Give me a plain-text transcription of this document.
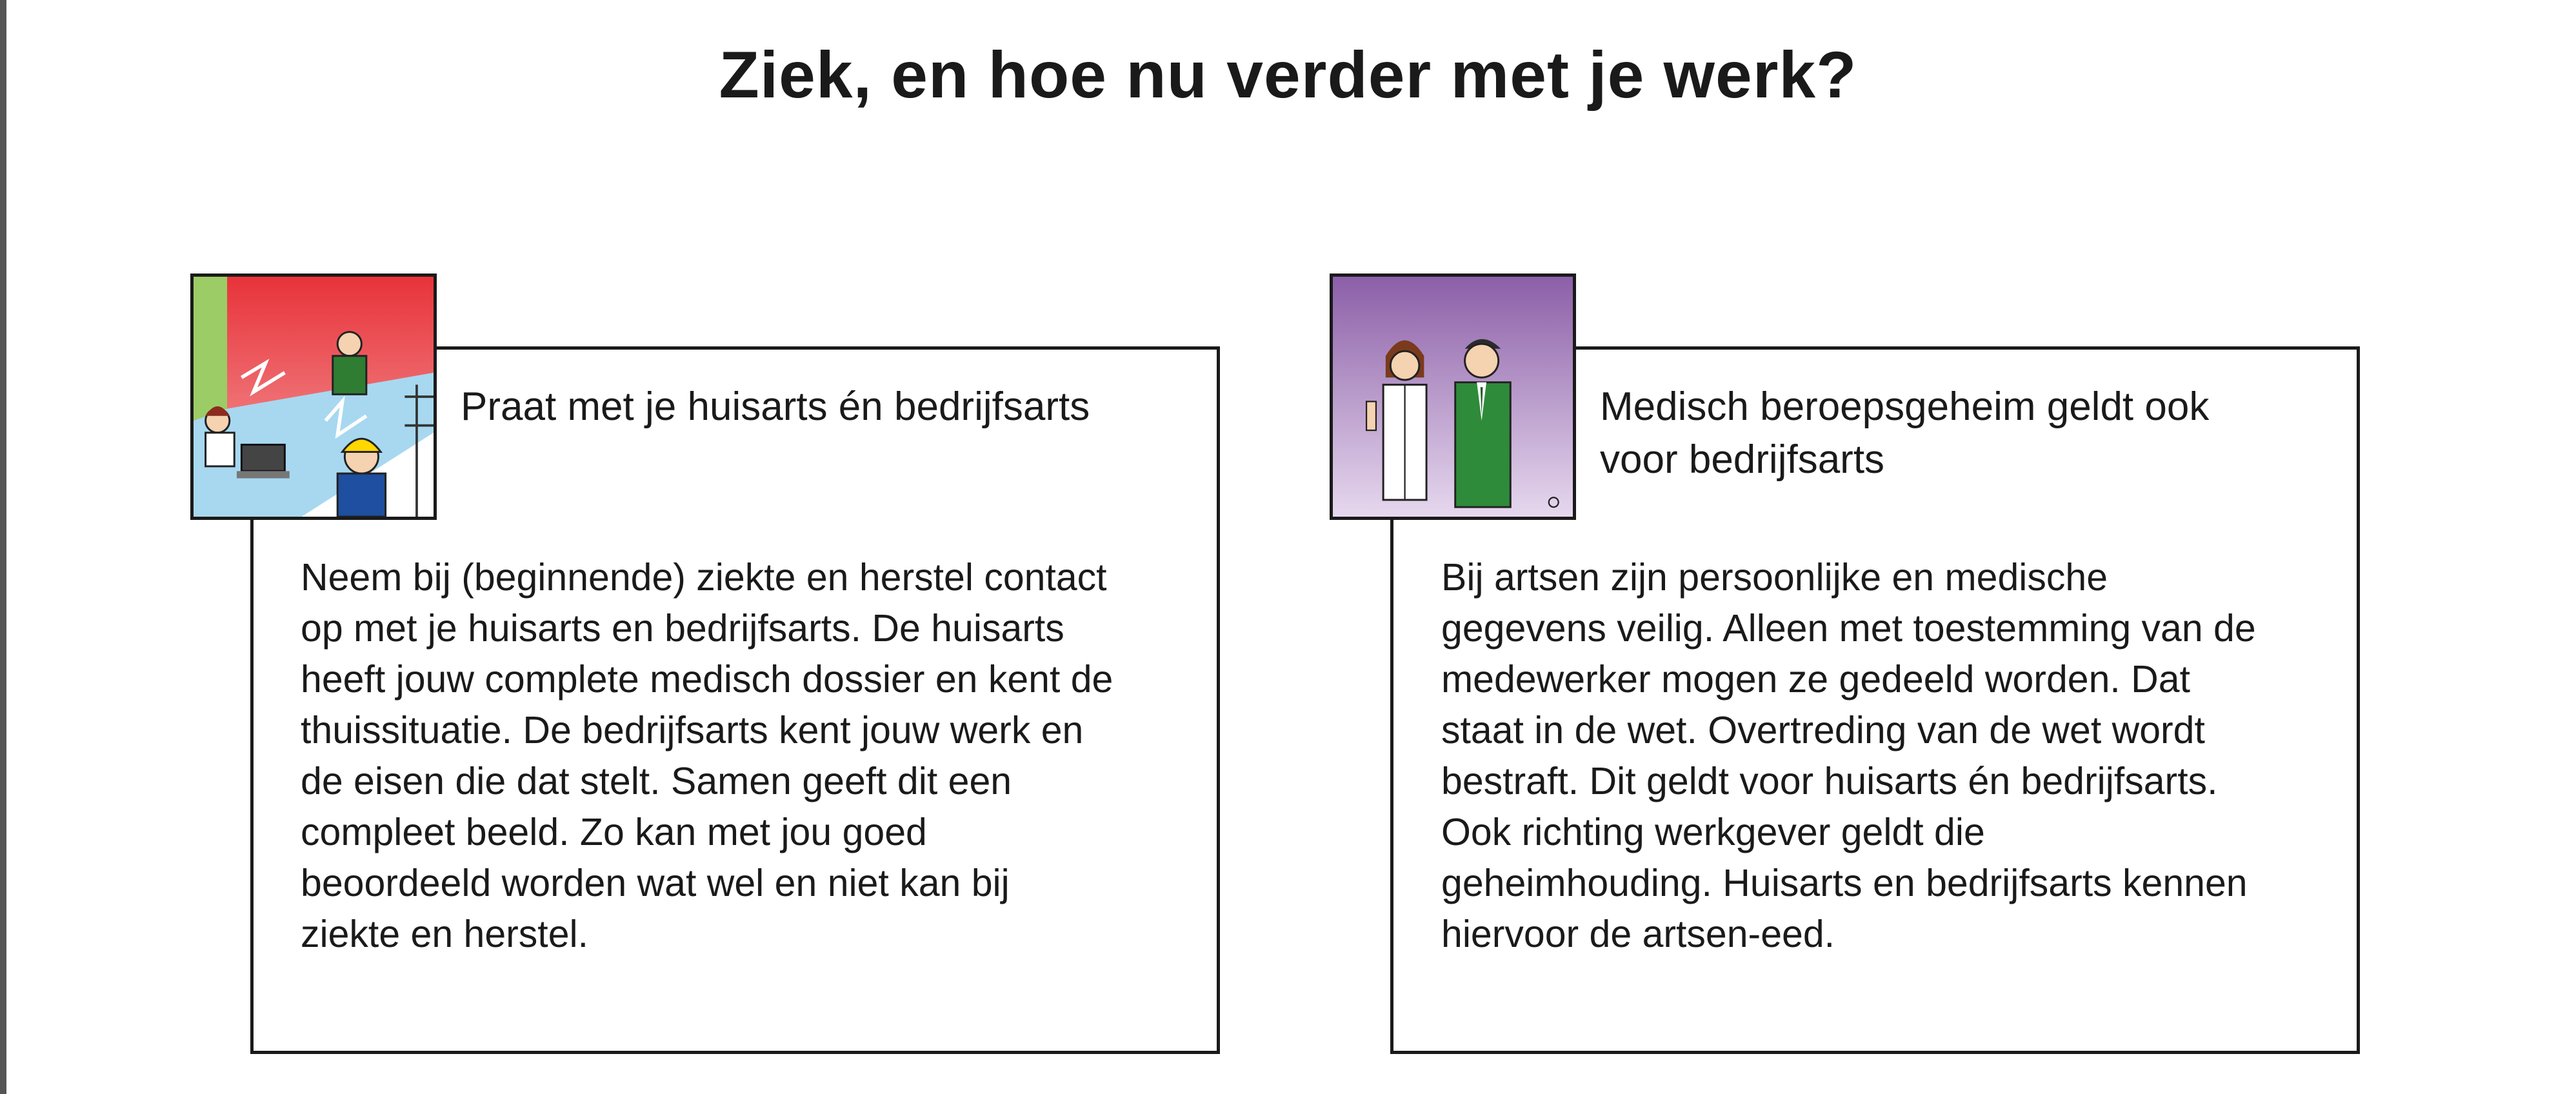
Ziek, en hoe nu verder met je werk?
Praat met je huisarts én bedrijfsarts
Neem bij (beginnende) ziekte en herstel contact
op met je huisarts en bedrijfsarts. De huisarts
heeft jouw complete medisch dossier en kent de
thuissituatie. De bedrijfsarts kent jouw werk en
de eisen die dat stelt. Samen geeft dit een
compleet beeld. Zo kan met jou goed
beoordeeld worden wat wel en niet kan bij
ziekte en herstel.
Medisch beroepsgeheim geldt ook
voor bedrijfsarts
Bij artsen zijn persoonlijke en medische
gegevens veilig. Alleen met toestemming van de
medewerker mogen ze gedeeld worden. Dat
staat in de wet. Overtreding van de wet wordt
bestraft. Dit geldt voor huisarts én bedrijfsarts.
Ook richting werkgever geldt die
geheimhouding. Huisarts en bedrijfsarts kennen
hiervoor de artsen-eed.
